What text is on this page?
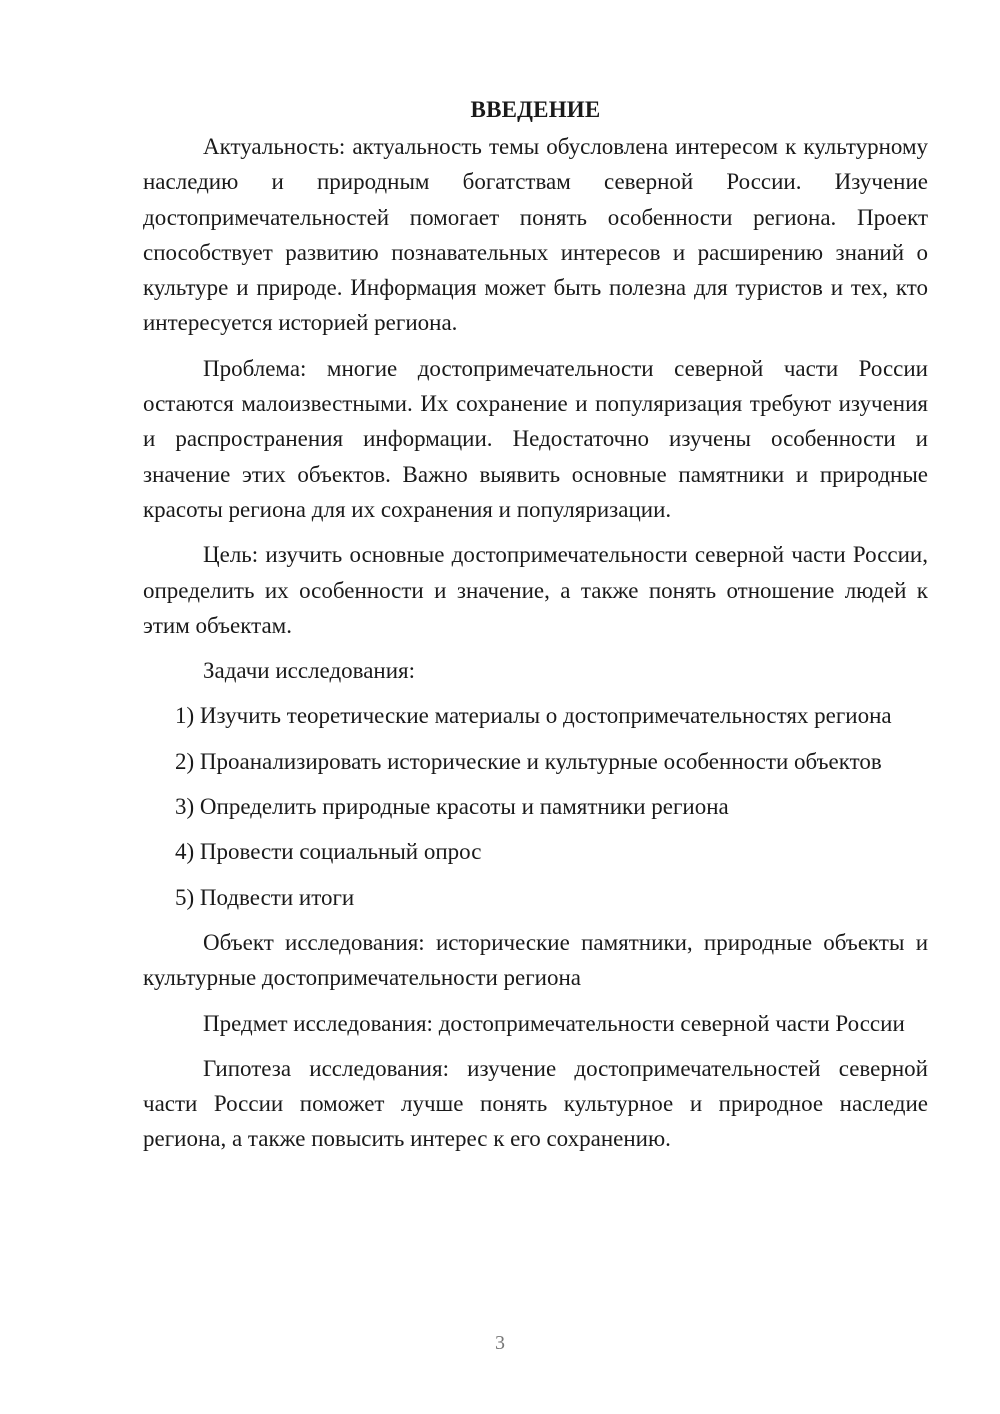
ВВЕДЕНИЕ

Актуальность: актуальность темы обусловлена интересом к культурному наследию и природным богатствам северной России. Изучение достопримечательностей помогает понять особенности региона. Проект способствует развитию познавательных интересов и расширению знаний о культуре и природе. Информация может быть полезна для туристов и тех, кто интересуется историей региона.

Проблема: многие достопримечательности северной части России остаются малоизвестными. Их сохранение и популяризация требуют изучения и распространения информации. Недостаточно изучены особенности и значение этих объектов. Важно выявить основные памятники и природные красоты региона для их сохранения и популяризации.

Цель: изучить основные достопримечательности северной части России, определить их особенности и значение, а также понять отношение людей к этим объектам.

Задачи исследования:

1) Изучить теоретические материалы о достопримечательностях региона

2) Проанализировать исторические и культурные особенности объектов

3) Определить природные красоты и памятники региона

4) Провести социальный опрос

5) Подвести итоги

Объект исследования: исторические памятники, природные объекты и культурные достопримечательности региона

Предмет исследования: достопримечательности северной части России

Гипотеза исследования: изучение достопримечательностей северной части России поможет лучше понять культурное и природное наследие региона, а также повысить интерес к его сохранению.

3
